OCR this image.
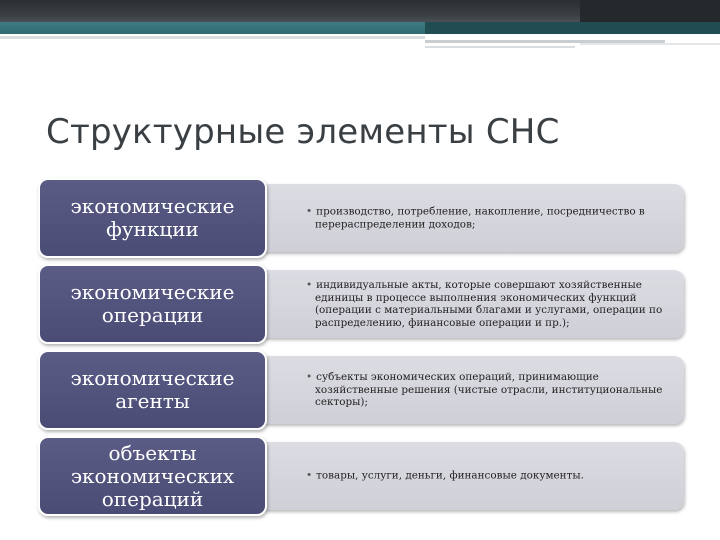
Структурные элементы СНС
• производство, потребление, накопление, посредничество в перераспределении доходов;
экономические функции
• индивидуальные акты, которые совершают хозяйственные единицы в процессе выполнения экономических функций (операции с материальными благами и услугами, операции по распределению, финансовые операции и пр.);
экономические операции
• субъекты экономических операций, принимающие хозяйственные решения (чистые отрасли, институциональные секторы);
экономические агенты
• товары, услуги, деньги, финансовые документы.
объекты экономических операций
